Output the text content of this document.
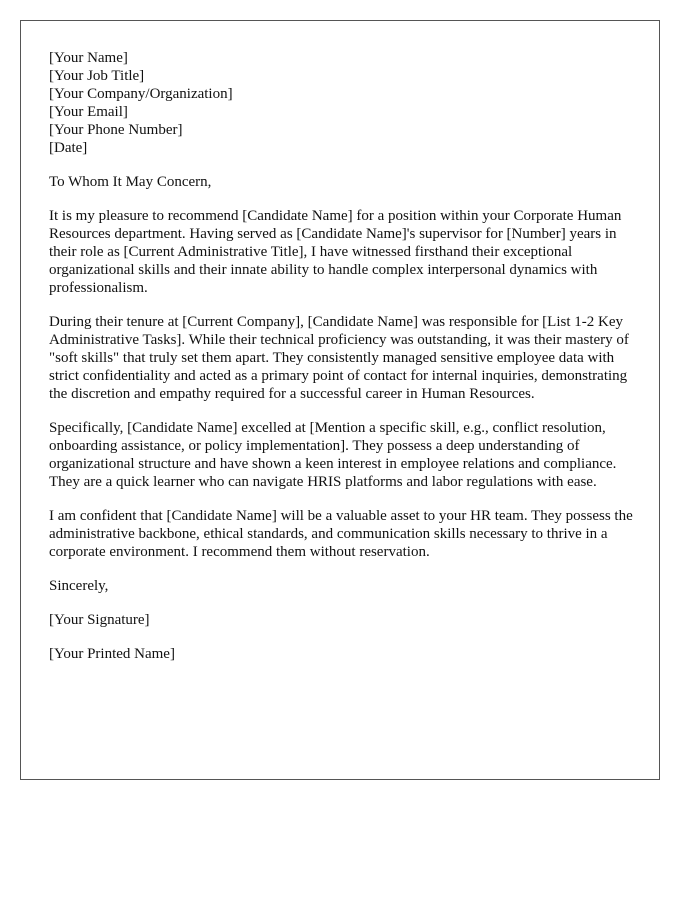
[Your Name]
[Your Job Title]
[Your Company/Organization]
[Your Email]
[Your Phone Number]
[Date]
To Whom It May Concern,

It is my pleasure to recommend [Candidate Name] for a position within your Corporate Human Resources department. Having served as [Candidate Name]'s supervisor for [Number] years in their role as [Current Administrative Title], I have witnessed firsthand their exceptional organizational skills and their innate ability to handle complex interpersonal dynamics with professionalism.

During their tenure at [Current Company], [Candidate Name] was responsible for [List 1-2 Key Administrative Tasks]. While their technical proficiency was outstanding, it was their mastery of "soft skills" that truly set them apart. They consistently managed sensitive employee data with strict confidentiality and acted as a primary point of contact for internal inquiries, demonstrating the discretion and empathy required for a successful career in Human Resources.

Specifically, [Candidate Name] excelled at [Mention a specific skill, e.g., conflict resolution, onboarding assistance, or policy implementation]. They possess a deep understanding of organizational structure and have shown a keen interest in employee relations and compliance. They are a quick learner who can navigate HRIS platforms and labor regulations with ease.

I am confident that [Candidate Name] will be a valuable asset to your HR team. They possess the administrative backbone, ethical standards, and communication skills necessary to thrive in a corporate environment. I recommend them without reservation.

Sincerely,
[Your Signature]
[Your Printed Name]
